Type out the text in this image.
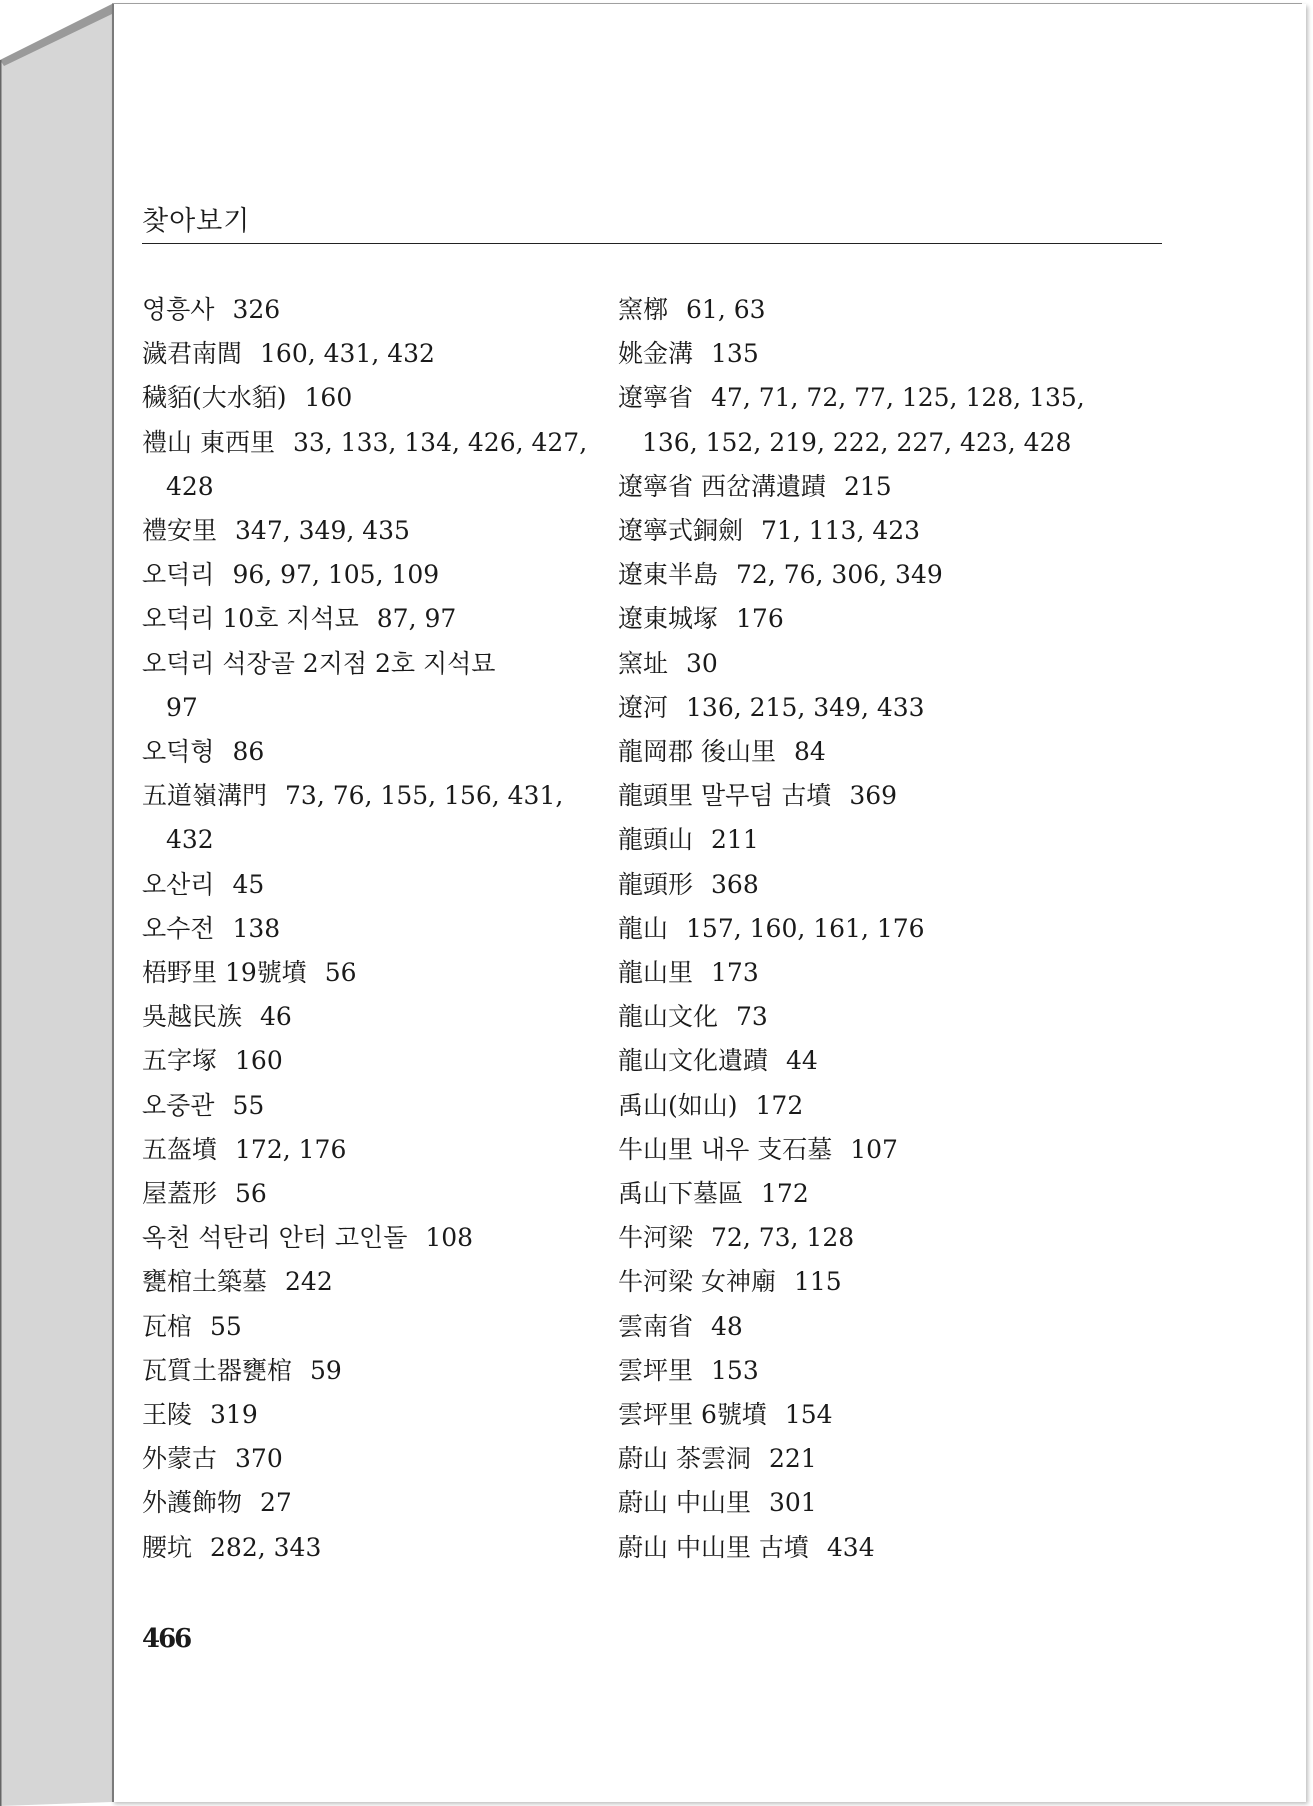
찾아보기
영흥사 326
濊君南閭 160, 431, 432
穢貊(大水貊) 160
禮山 東西里 33, 133, 134, 426, 427,
428
禮安里 347, 349, 435
오덕리 96, 97, 105, 109
오덕리 10호 지석묘 87, 97
오덕리 석장골 2지점 2호 지석묘
97
오덕형 86
五道嶺溝門 73, 76, 155, 156, 431,
432
오산리 45
오수전 138
梧野里 19號墳 56
吳越民族 46
五字塚 160
오중관 55
五盔墳 172, 176
屋蓋形 56
옥천 석탄리 안터 고인돌 108
甕棺土築墓 242
瓦棺 55
瓦質土器甕棺 59
王陵 319
外蒙古 370
外護飾物 27
腰坑 282, 343
窯槨 61, 63
姚金溝 135
遼寧省 47, 71, 72, 77, 125, 128, 135,
136, 152, 219, 222, 227, 423, 428
遼寧省 西岔溝遺蹟 215
遼寧式銅劍 71, 113, 423
遼東半島 72, 76, 306, 349
遼東城塚 176
窯址 30
遼河 136, 215, 349, 433
龍岡郡 後山里 84
龍頭里 말무덤 古墳 369
龍頭山 211
龍頭形 368
龍山 157, 160, 161, 176
龍山里 173
龍山文化 73
龍山文化遺蹟 44
禹山(如山) 172
牛山里 내우 支石墓 107
禹山下墓區 172
牛河梁 72, 73, 128
牛河梁 女神廟 115
雲南省 48
雲坪里 153
雲坪里 6號墳 154
蔚山 茶雲洞 221
蔚山 中山里 301
蔚山 中山里 古墳 434
466
